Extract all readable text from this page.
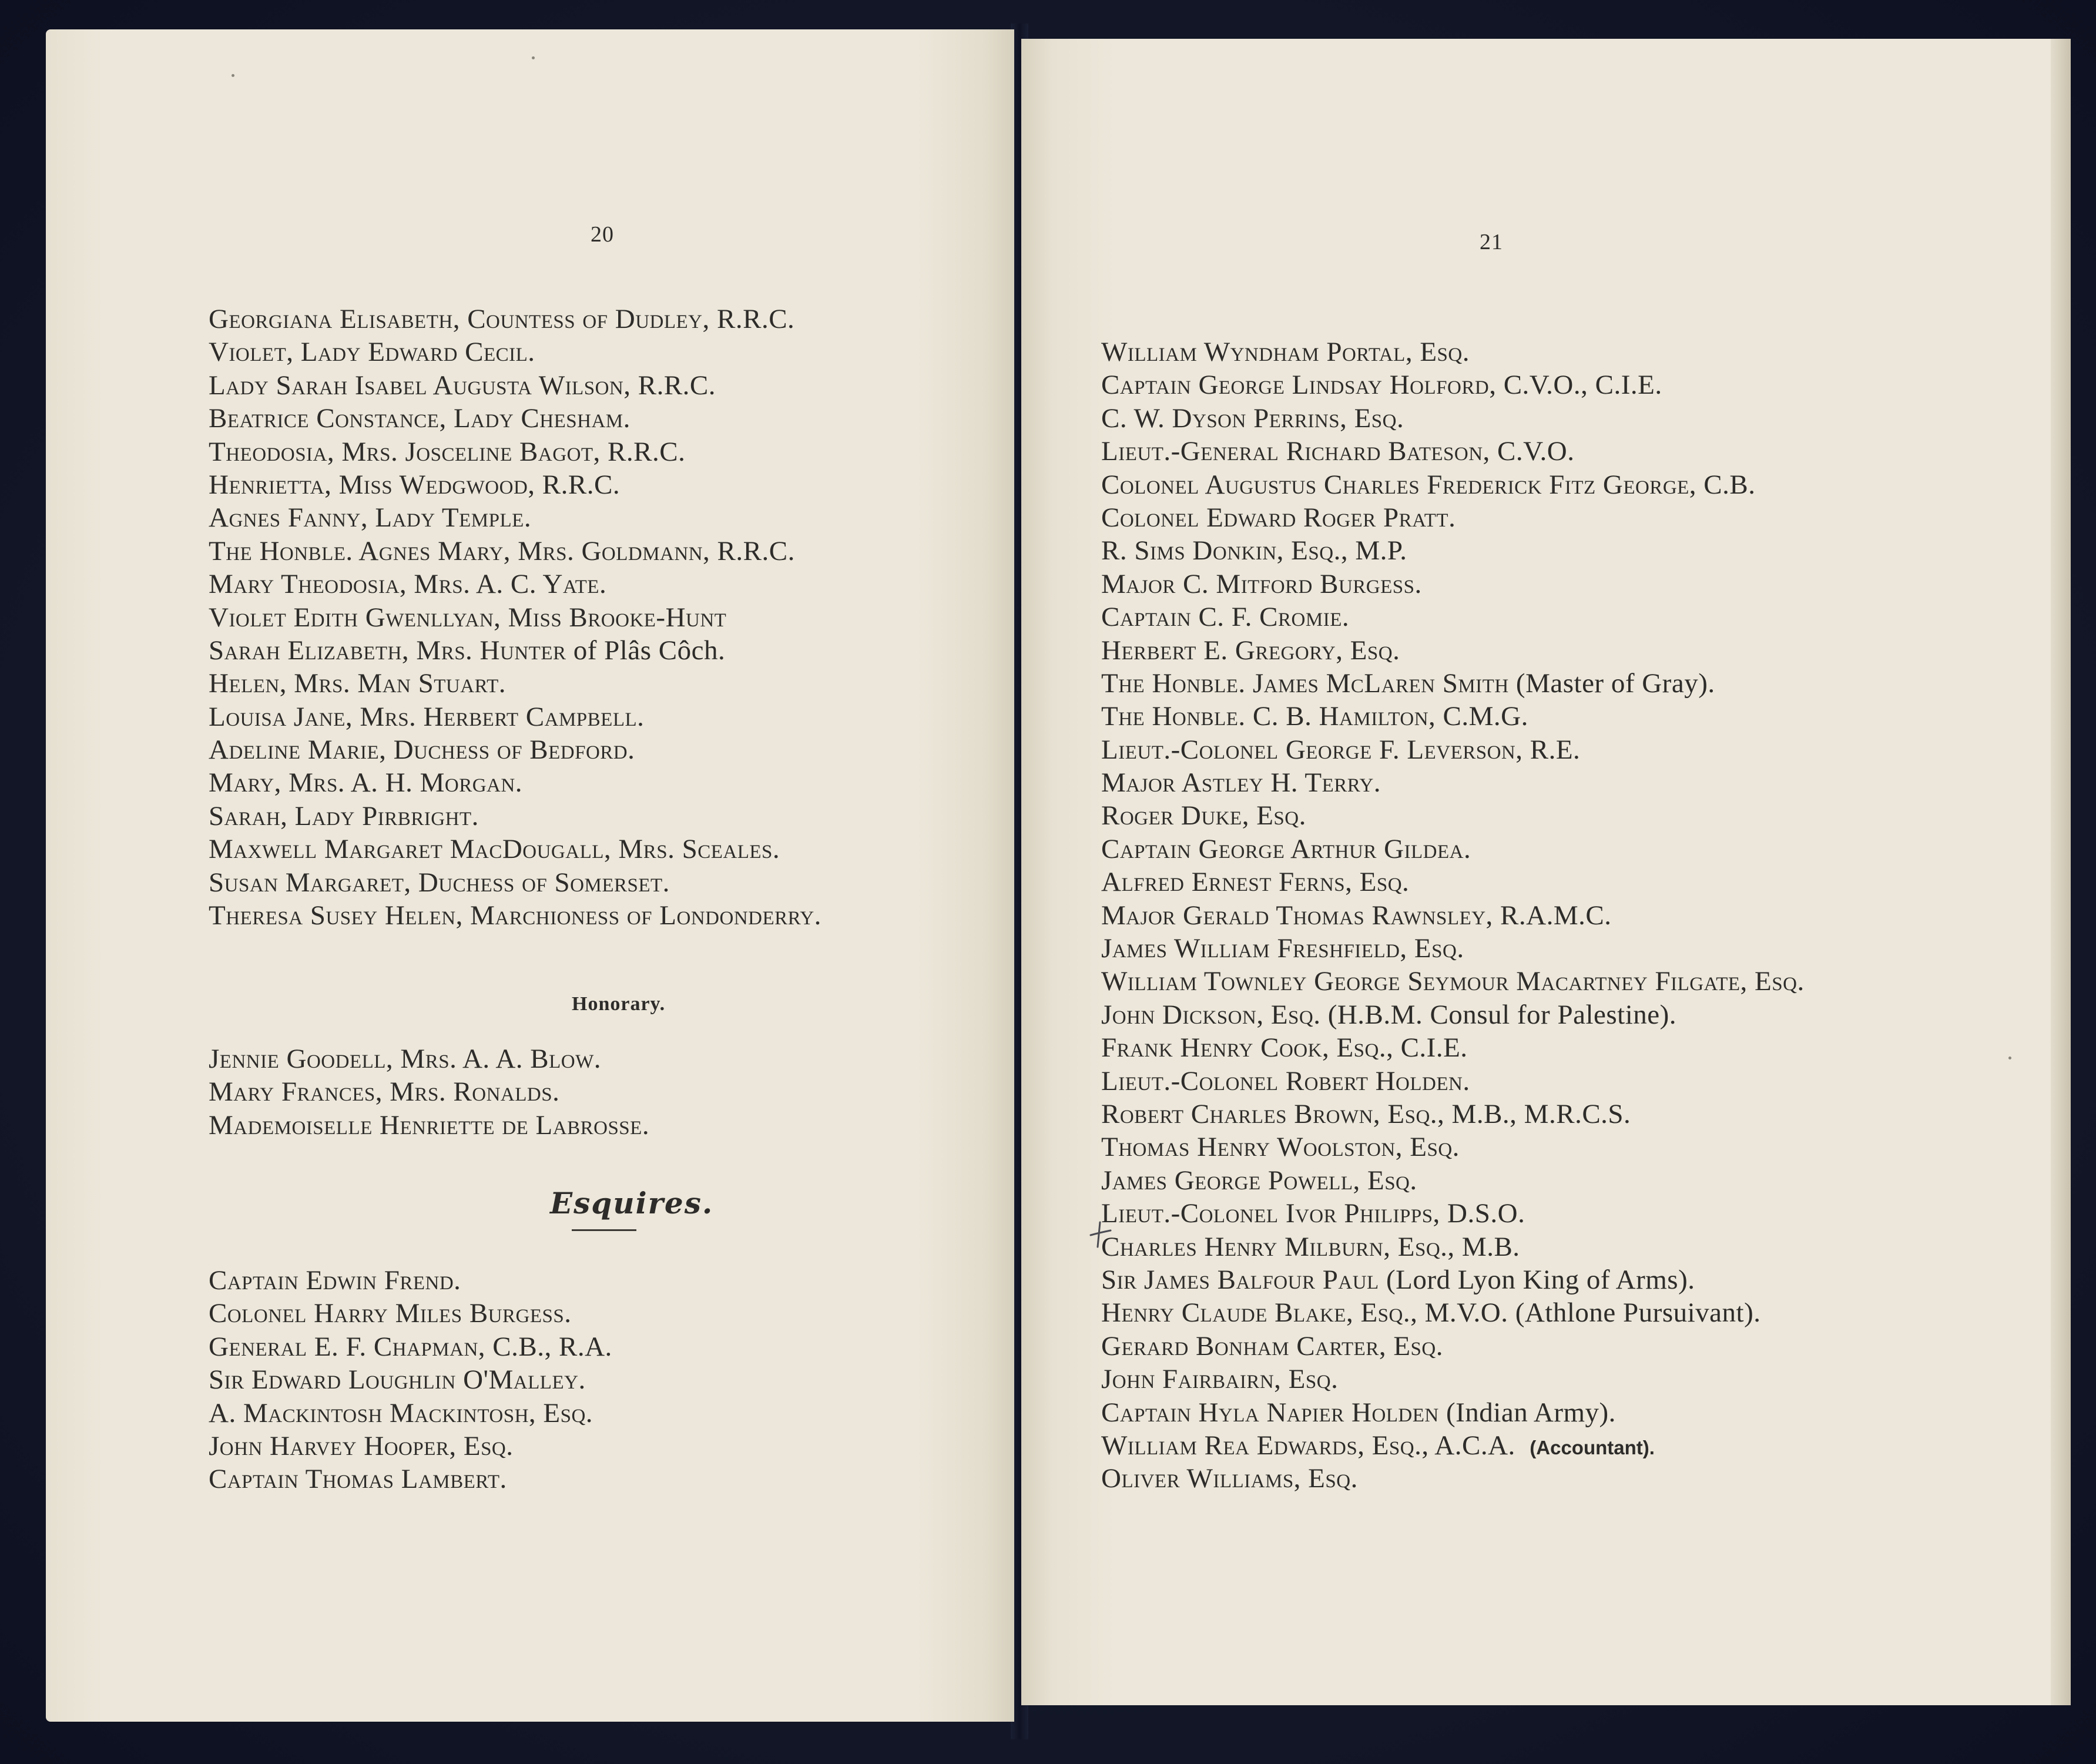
20
Georgiana Elisabeth, Countess of Dudley, R.R.C.
Violet, Lady Edward Cecil.
Lady Sarah Isabel Augusta Wilson, R.R.C.
Beatrice Constance, Lady Chesham.
Theodosia, Mrs. Josceline Bagot, R.R.C.
Henrietta, Miss Wedgwood, R.R.C.
Agnes Fanny, Lady Temple.
The Honble. Agnes Mary, Mrs. Goldmann, R.R.C.
Mary Theodosia, Mrs. A. C. Yate.
Violet Edith Gwenllyan, Miss Brooke-Hunt
Sarah Elizabeth, Mrs. Hunter of Plâs Côch.
Helen, Mrs. Man Stuart.
Louisa Jane, Mrs. Herbert Campbell.
Adeline Marie, Duchess of Bedford.
Mary, Mrs. A. H. Morgan.
Sarah, Lady Pirbright.
Maxwell Margaret MacDougall, Mrs. Sceales.
Susan Margaret, Duchess of Somerset.
Theresa Susey Helen, Marchioness of Londonderry.
Honorary.
Jennie Goodell, Mrs. A. A. Blow.
Mary Frances, Mrs. Ronalds.
Mademoiselle Henriette de Labrosse.
Esquires.
Captain Edwin Frend.
Colonel Harry Miles Burgess.
General E. F. Chapman, C.B., R.A.
Sir Edward Loughlin O'Malley.
A. Mackintosh Mackintosh, Esq.
John Harvey Hooper, Esq.
Captain Thomas Lambert.
21
William Wyndham Portal, Esq.
Captain George Lindsay Holford, C.V.O., C.I.E.
C. W. Dyson Perrins, Esq.
Lieut.-General Richard Bateson, C.V.O.
Colonel Augustus Charles Frederick Fitz George, C.B.
Colonel Edward Roger Pratt.
R. Sims Donkin, Esq., M.P.
Major C. Mitford Burgess.
Captain C. F. Cromie.
Herbert E. Gregory, Esq.
The Honble. James McLaren Smith (Master of Gray).
The Honble. C. B. Hamilton, C.M.G.
Lieut.-Colonel George F. Leverson, R.E.
Major Astley H. Terry.
Roger Duke, Esq.
Captain George Arthur Gildea.
Alfred Ernest Ferns, Esq.
Major Gerald Thomas Rawnsley, R.A.M.C.
James William Freshfield, Esq.
William Townley George Seymour Macartney Filgate, Esq.
John Dickson, Esq. (H.B.M. Consul for Palestine).
Frank Henry Cook, Esq., C.I.E.
Lieut.-Colonel Robert Holden.
Robert Charles Brown, Esq., M.B., M.R.C.S.
Thomas Henry Woolston, Esq.
James George Powell, Esq.
Lieut.-Colonel Ivor Philipps, D.S.O.
Charles Henry Milburn, Esq., M.B.
Sir James Balfour Paul (Lord Lyon King of Arms).
Henry Claude Blake, Esq., M.V.O. (Athlone Pursuivant).
Gerard Bonham Carter, Esq.
John Fairbairn, Esq.
Captain Hyla Napier Holden (Indian Army).
William Rea Edwards, Esq., A.C.A. (Accountant).
Oliver Williams, Esq.
